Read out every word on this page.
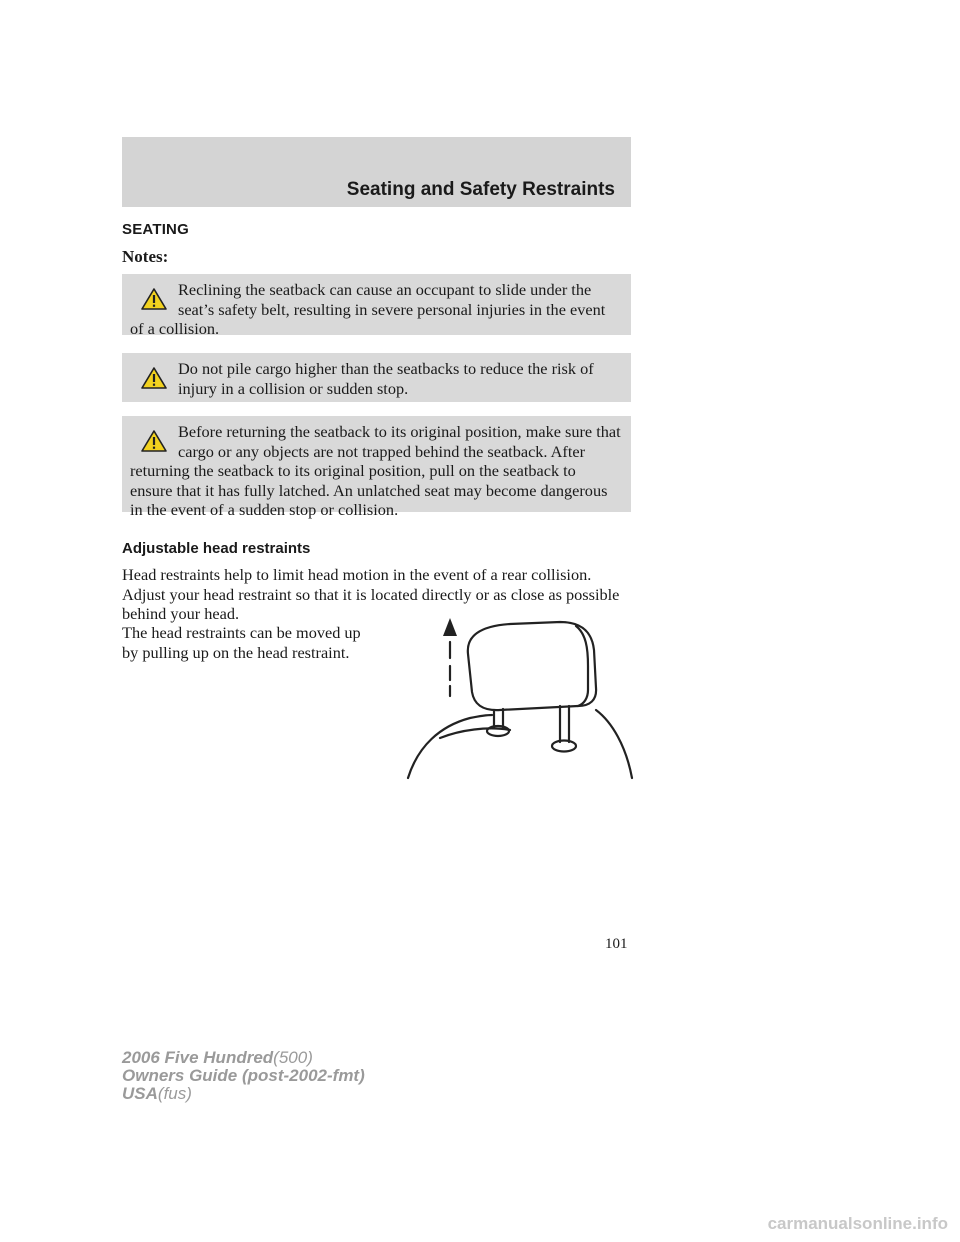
Seating and Safety Restraints
SEATING
Notes:
Reclining the seatback can cause an occupant to slide under the seat’s safety belt, resulting in severe personal injuries in the event of a collision.
Do not pile cargo higher than the seatbacks to reduce the risk of injury in a collision or sudden stop.
Before returning the seatback to its original position, make sure that cargo or any objects are not trapped behind the seatback. After returning the seatback to its original position, pull on the seatback to ensure that it has fully latched. An unlatched seat may become dangerous in the event of a sudden stop or collision.
Adjustable head restraints
Head restraints help to limit head motion in the event of a rear collision. Adjust your head restraint so that it is located directly or as close as possible behind your head.
The head restraints can be moved up by pulling up on the head restraint.
101
2006 Five Hundred(500)
Owners Guide (post-2002-fmt)
USA(fus)
carmanualsonline.info
